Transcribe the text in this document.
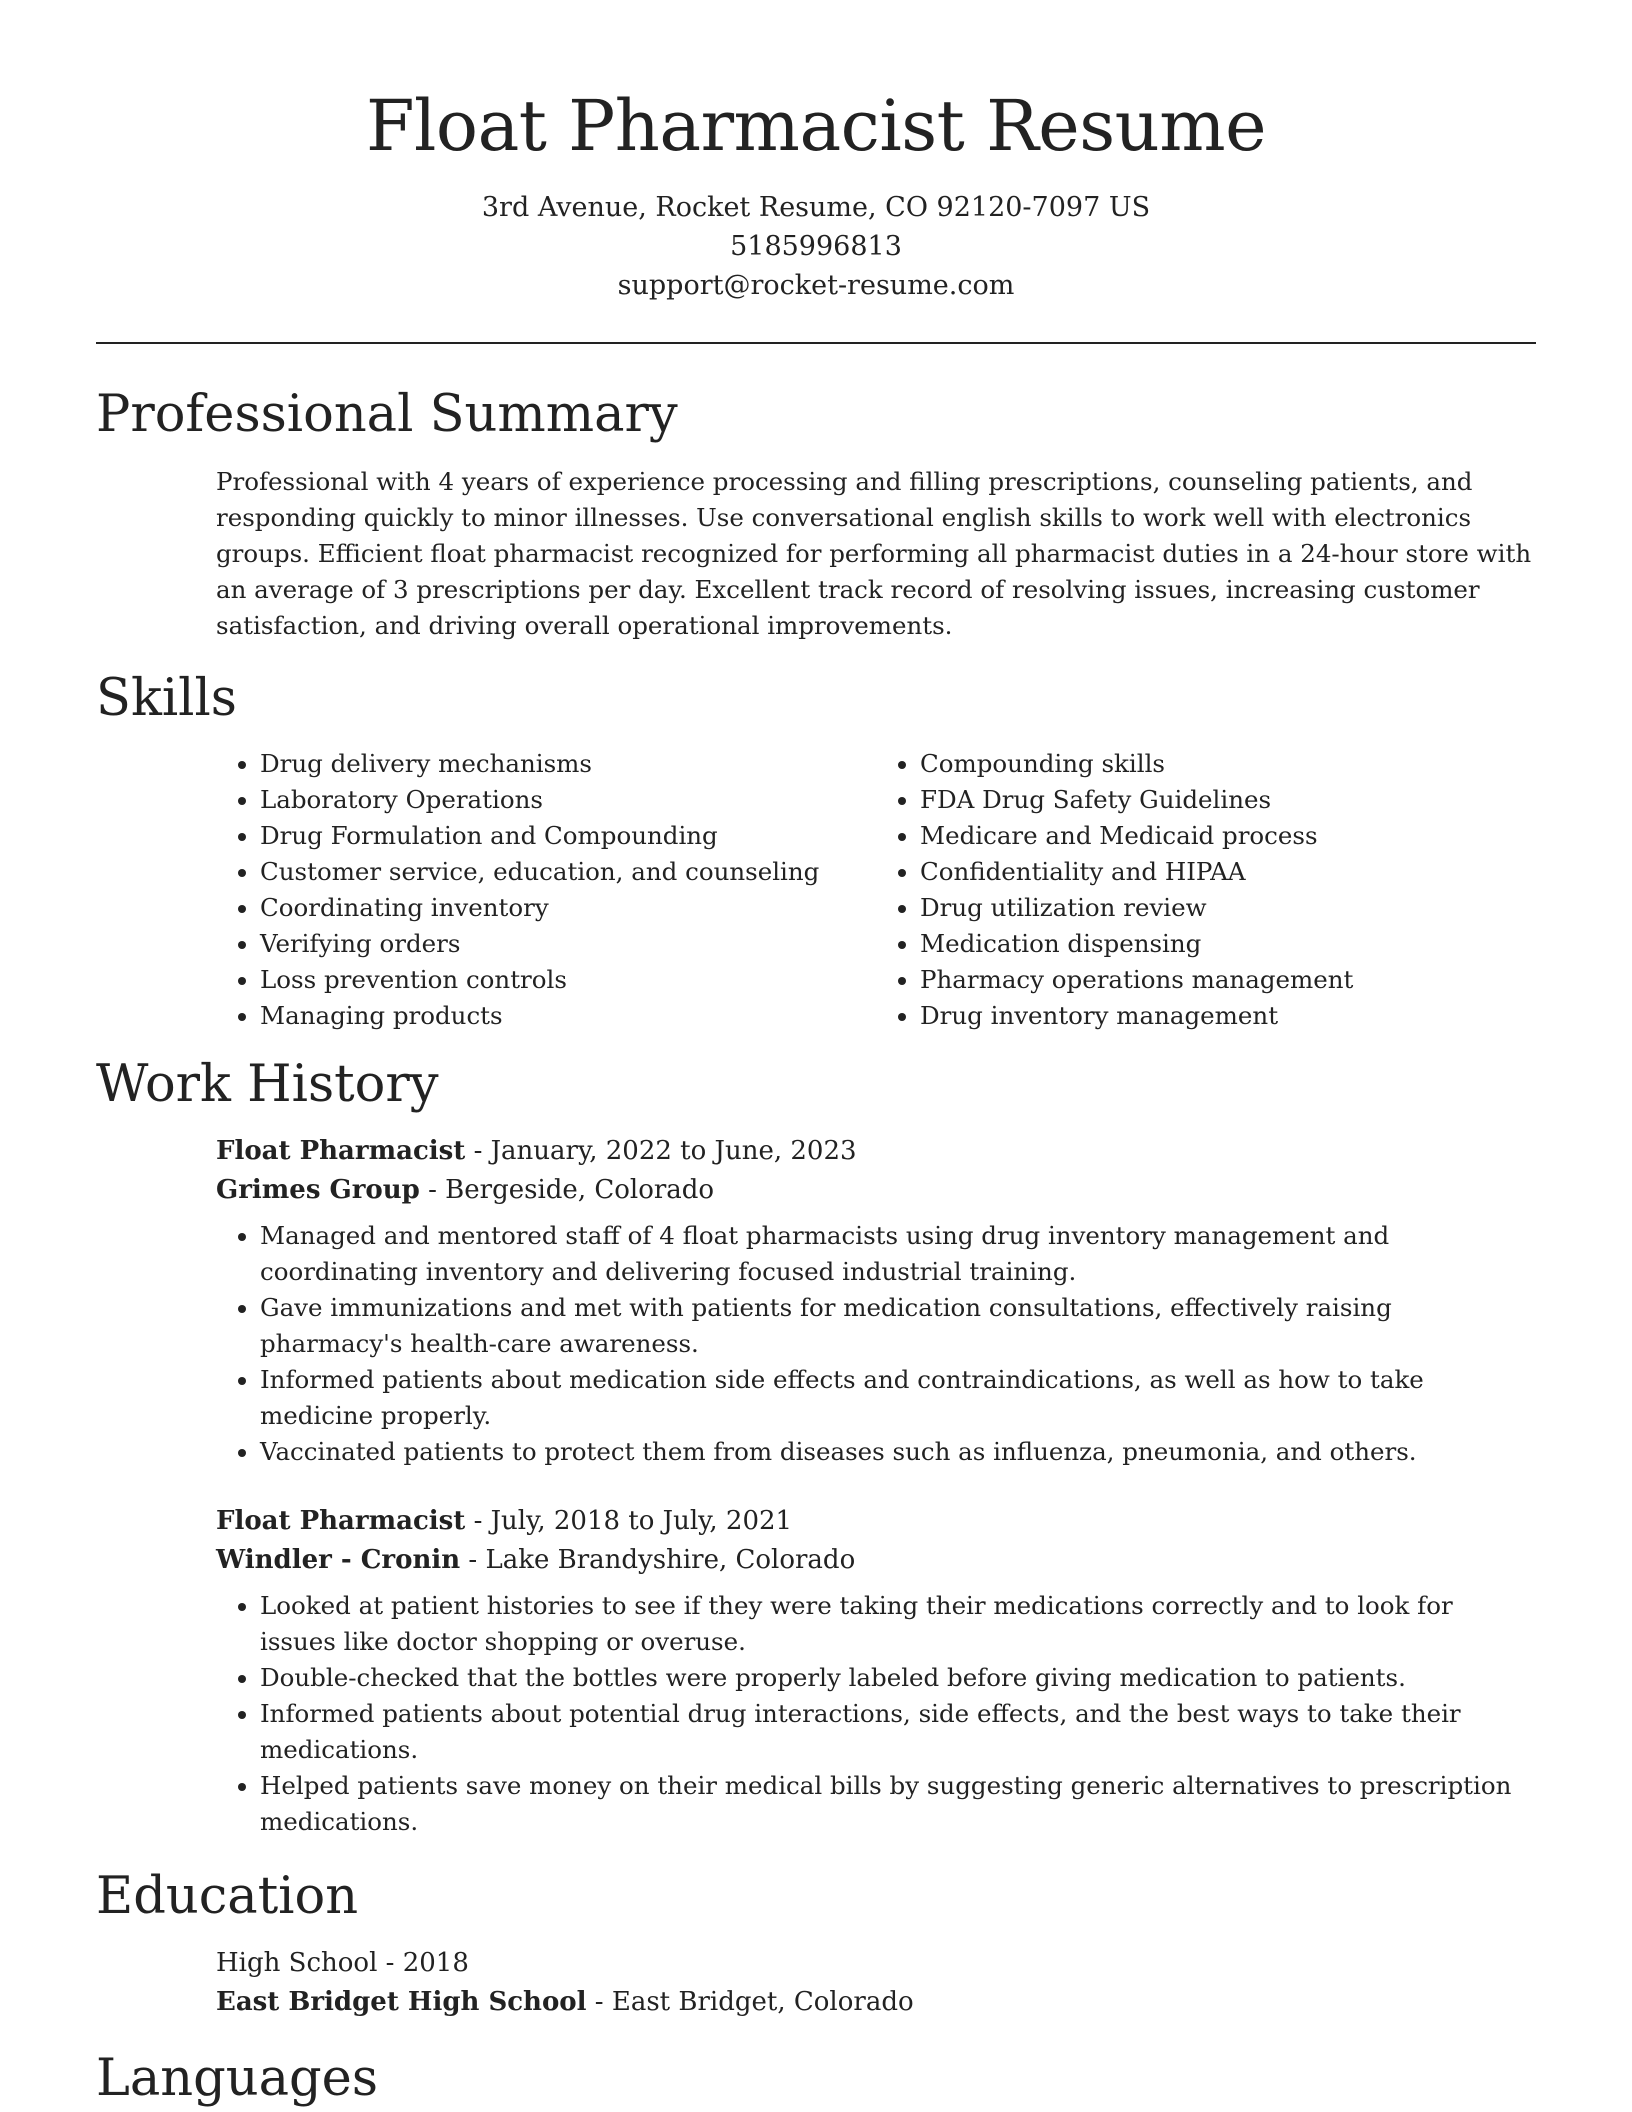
Float Pharmacist Resume
3rd Avenue, Rocket Resume, CO 92120-7097 US
5185996813
support@rocket-resume.com
Professional Summary
Professional with 4 years of experience processing and filling prescriptions, counseling patients, and responding quickly to minor illnesses. Use conversational english skills to work well with electronics groups. Efficient float pharmacist recognized for performing all pharmacist duties in a 24-hour store with an average of 3 prescriptions per day. Excellent track record of resolving issues, increasing customer satisfaction, and driving overall operational improvements.
Skills
• Drug delivery mechanisms
• Laboratory Operations
• Drug Formulation and Compounding
• Customer service, education, and counseling
• Coordinating inventory
• Verifying orders
• Loss prevention controls
• Managing products
• Compounding skills
• FDA Drug Safety Guidelines
• Medicare and Medicaid process
• Confidentiality and HIPAA
• Drug utilization review
• Medication dispensing
• Pharmacy operations management
• Drug inventory management
Work History
Float Pharmacist - January, 2022 to June, 2023
Grimes Group - Bergeside, Colorado
• Managed and mentored staff of 4 float pharmacists using drug inventory management and coordinating inventory and delivering focused industrial training.
• Gave immunizations and met with patients for medication consultations, effectively raising pharmacy's health-care awareness.
• Informed patients about medication side effects and contraindications, as well as how to take medicine properly.
• Vaccinated patients to protect them from diseases such as influenza, pneumonia, and others.
Float Pharmacist - July, 2018 to July, 2021
Windler - Cronin - Lake Brandyshire, Colorado
• Looked at patient histories to see if they were taking their medications correctly and to look for issues like doctor shopping or overuse.
• Double-checked that the bottles were properly labeled before giving medication to patients.
• Informed patients about potential drug interactions, side effects, and the best ways to take their medications.
• Helped patients save money on their medical bills by suggesting generic alternatives to prescription medications.
Education
High School - 2018
East Bridget High School - East Bridget, Colorado
Languages
